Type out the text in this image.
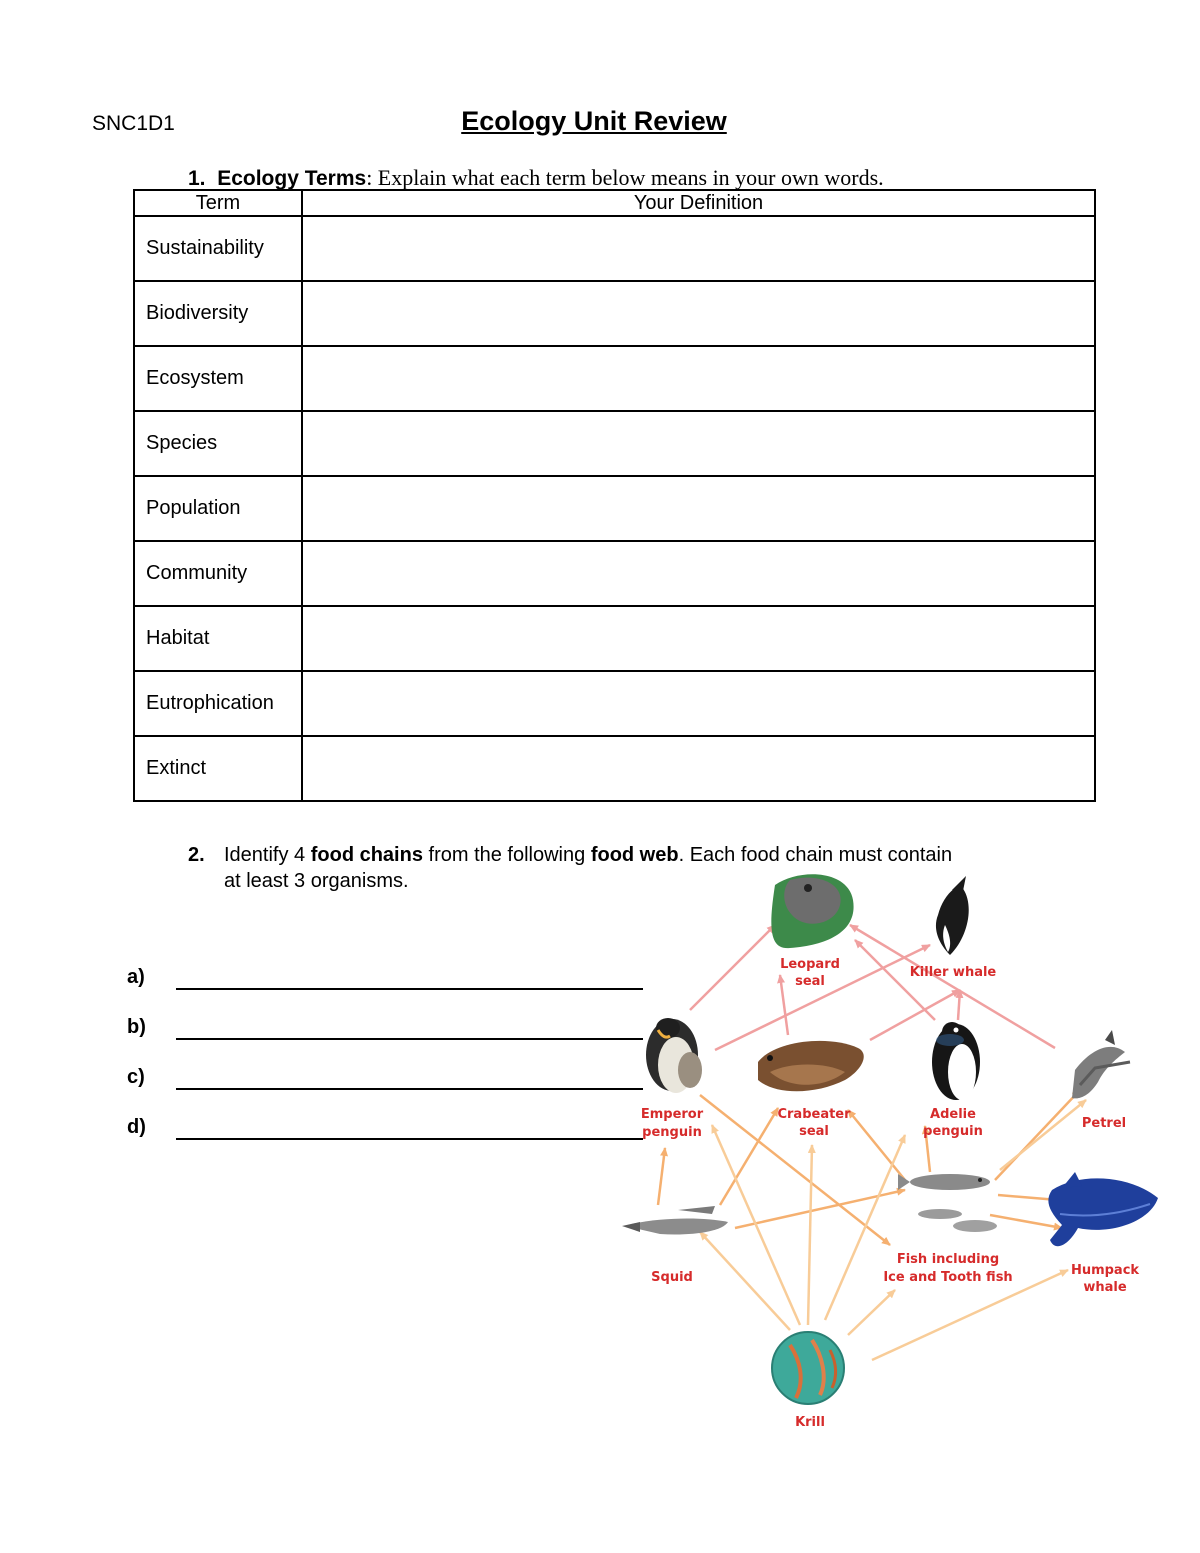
SNC1D1	Ecology Unit Review
1. Ecology Terms: Explain what each term below means in your own words.
Term	Your Definition
Sustainability	
Biodiversity	
Ecosystem	
Species	
Population	
Community	
Habitat	
Eutrophication	
Extinct	
2. Identify 4 food chains from the following food web. Each food chain must contain
at least 3 organisms.
a)
b)
c)
d)
Leopard
seal
Killer whale
Emperor
penguin
Crabeater
seal
Adelie
penguin
Petrel
Humpack
whale
Squid
Fish including
Ice and Tooth fish
Krill
